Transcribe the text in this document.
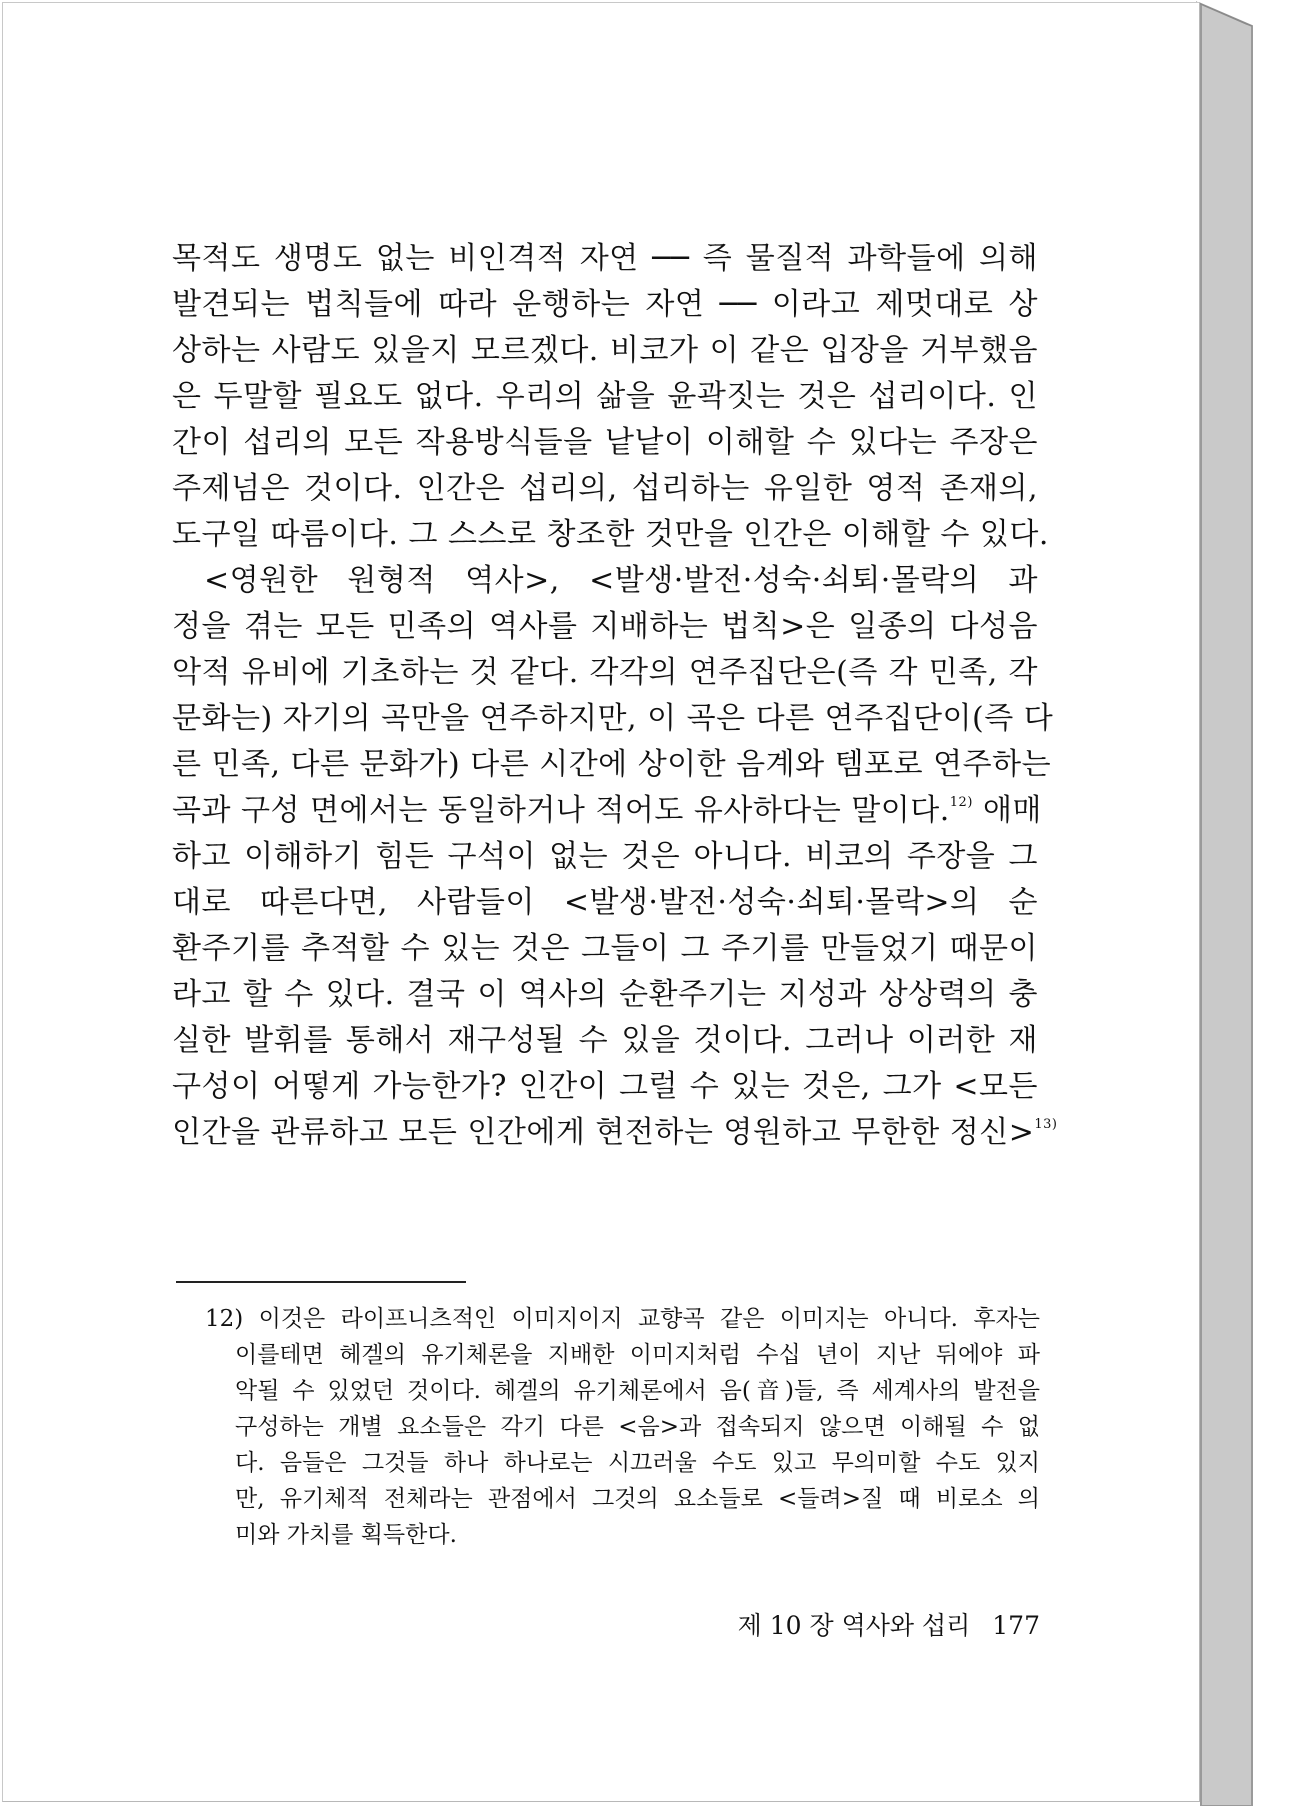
목적도 생명도 없는 비인격적 자연 ── 즉 물질적 과학들에 의해
발견되는 법칙들에 따라 운행하는 자연 ── 이라고 제멋대로 상
상하는 사람도 있을지 모르겠다. 비코가 이 같은 입장을 거부했음
은 두말할 필요도 없다. 우리의 삶을 윤곽짓는 것은 섭리이다. 인
간이 섭리의 모든 작용방식들을 낱낱이 이해할 수 있다는 주장은
주제넘은 것이다. 인간은 섭리의, 섭리하는 유일한 영적 존재의,
도구일 따름이다. 그 스스로 창조한 것만을 인간은 이해할 수 있다.
<영원한 원형적 역사>, <발생·발전·성숙·쇠퇴·몰락의 과
정을 겪는 모든 민족의 역사를 지배하는 법칙>은 일종의 다성음
악적 유비에 기초하는 것 같다. 각각의 연주집단은(즉 각 민족, 각
문화는) 자기의 곡만을 연주하지만, 이 곡은 다른 연주집단이(즉 다
른 민족, 다른 문화가) 다른 시간에 상이한 음계와 템포로 연주하는
곡과 구성 면에서는 동일하거나 적어도 유사하다는 말이다.$^{12)}$ 애매
하고 이해하기 힘든 구석이 없는 것은 아니다. 비코의 주장을 그
대로 따른다면, 사람들이 <발생·발전·성숙·쇠퇴·몰락>의 순
환주기를 추적할 수 있는 것은 그들이 그 주기를 만들었기 때문이
라고 할 수 있다. 결국 이 역사의 순환주기는 지성과 상상력의 충
실한 발휘를 통해서 재구성될 수 있을 것이다. 그러나 이러한 재
구성이 어떻게 가능한가? 인간이 그럴 수 있는 것은, 그가 <모든
인간을 관류하고 모든 인간에게 현전하는 영원하고 무한한 정신>$^{13)}$
12) 이것은 라이프니츠적인 이미지이지 교향곡 같은 이미지는 아니다. 후자는
이를테면 헤겔의 유기체론을 지배한 이미지처럼 수십 년이 지난 뒤에야 파
악될 수 있었던 것이다. 헤겔의 유기체론에서 음(音)들, 즉 세계사의 발전을
구성하는 개별 요소들은 각기 다른 <음>과 접속되지 않으면 이해될 수 없
다. 음들은 그것들 하나 하나로는 시끄러울 수도 있고 무의미할 수도 있지
만, 유기체적 전체라는 관점에서 그것의 요소들로 <들려>질 때 비로소 의
미와 가치를 획득한다.
제 10 장 역사와 섭리 177
